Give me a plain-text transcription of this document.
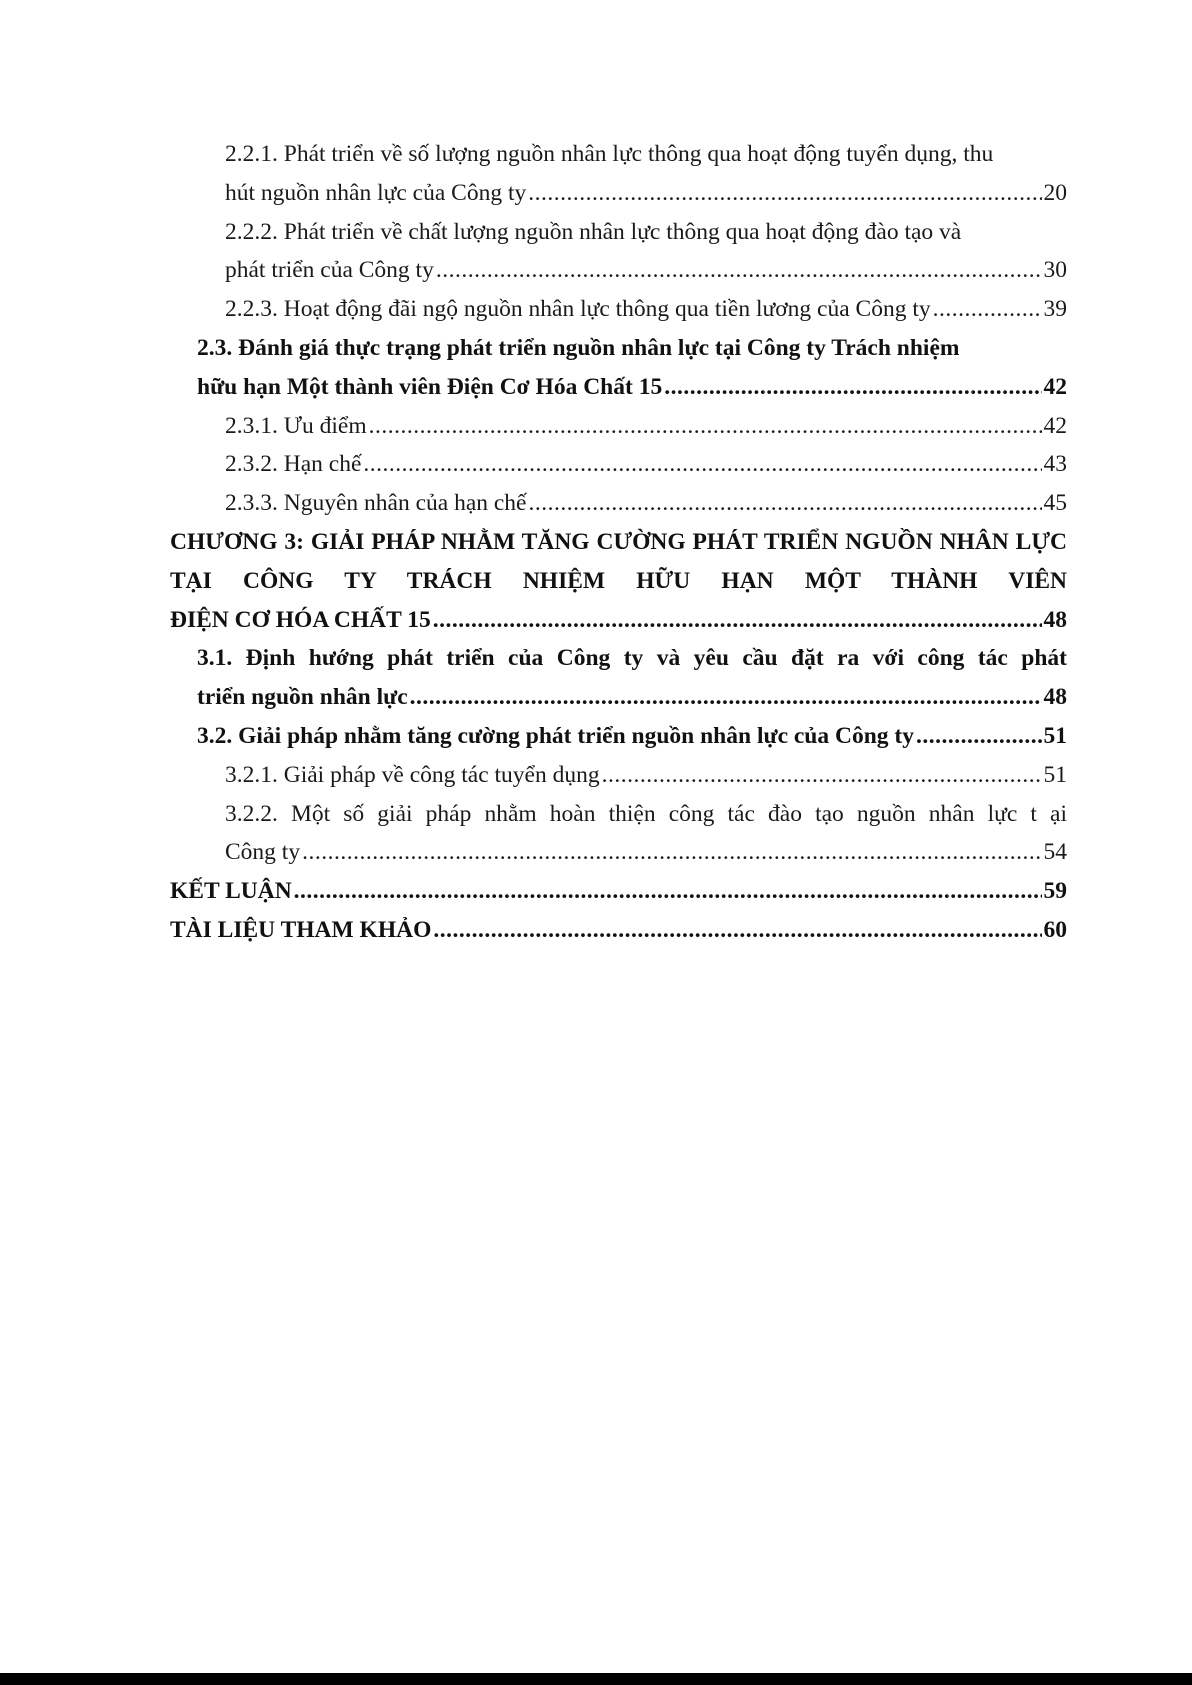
2.2.1. Phát triển về số lượng nguồn nhân lực thông qua hoạt động tuyển dụng, thu
hút nguồn nhân lực của Công ty .....	20
2.2.2. Phát triển về chất lượng nguồn nhân lực thông qua hoạt động đào tạo và
phát triển của Công ty .....	30
2.2.3. Hoạt động đãi ngộ nguồn nhân lực thông qua tiền lương của Công ty .....	39
2.3. Đánh giá thực trạng phát triển nguồn nhân lực tại Công ty Trách nhiệm
hữu hạn Một thành viên Điện Cơ Hóa Chất 15 .....	42
2.3.1. Ưu điểm .....	42
2.3.2. Hạn chế .....	43
2.3.3. Nguyên nhân của hạn chế .....	45
CHƯƠNG 3: GIẢI PHÁP NHẰM TĂNG CƯỜNG PHÁT TRIỂN NGUỒN NHÂN LỰC TẠI CÔNG TY TRÁCH NHIỆM HỮU HẠN MỘT THÀNH VIÊN
ĐIỆN CƠ HÓA CHẤT 15 .....	48
3.1. Định hướng phát triển của Công ty và yêu cầu đặt ra với công tác phát
triển nguồn nhân lực .....	48
3.2. Giải pháp nhằm tăng cường phát triển nguồn nhân lực của Công ty .....	51
3.2.1. Giải pháp về công tác tuyển dụng .....	51
3.2.2. Một số giải pháp nhằm hoàn thiện công tác đào tạo nguồn nhân lực t ại
Công ty .....	54
KẾT LUẬN .....	59
TÀI LIỆU THAM KHẢO .....	60
